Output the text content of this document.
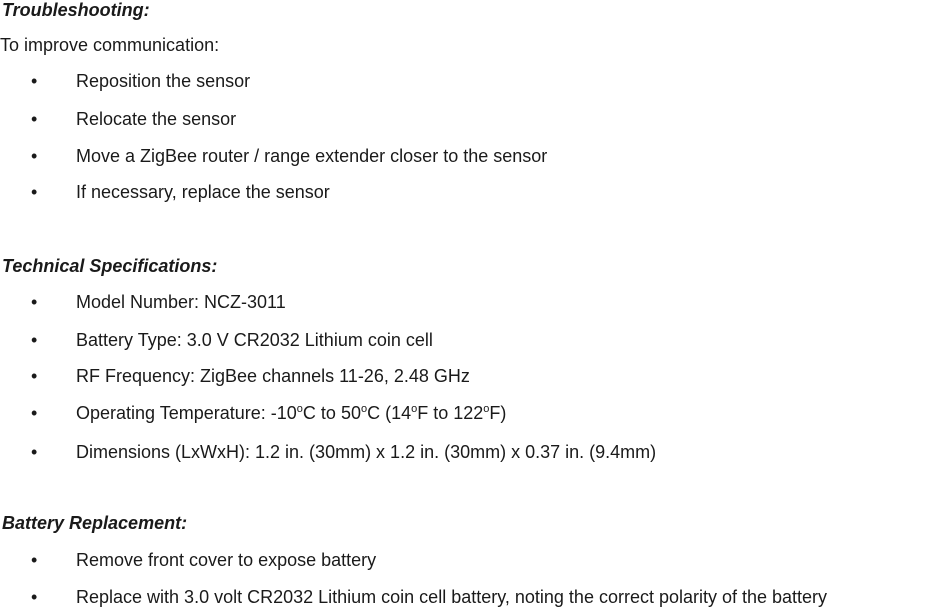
Troubleshooting:
To improve communication:
• Reposition the sensor
• Relocate the sensor
• Move a ZigBee router / range extender closer to the sensor
• If necessary, replace the sensor
Technical Specifications:
• Model Number: NCZ-3011
• Battery Type: 3.0 V CR2032 Lithium coin cell
• RF Frequency: ZigBee channels 11-26, 2.48 GHz
• Operating Temperature: -10$^o$C to 50$^o$C (14$^o$F to 122$^o$F)
• Dimensions (LxWxH): 1.2 in. (30mm) x 1.2 in. (30mm) x 0.37 in. (9.4mm)
Battery Replacement:
• Remove front cover to expose battery
• Replace with 3.0 volt CR2032 Lithium coin cell battery, noting the correct polarity of the battery
